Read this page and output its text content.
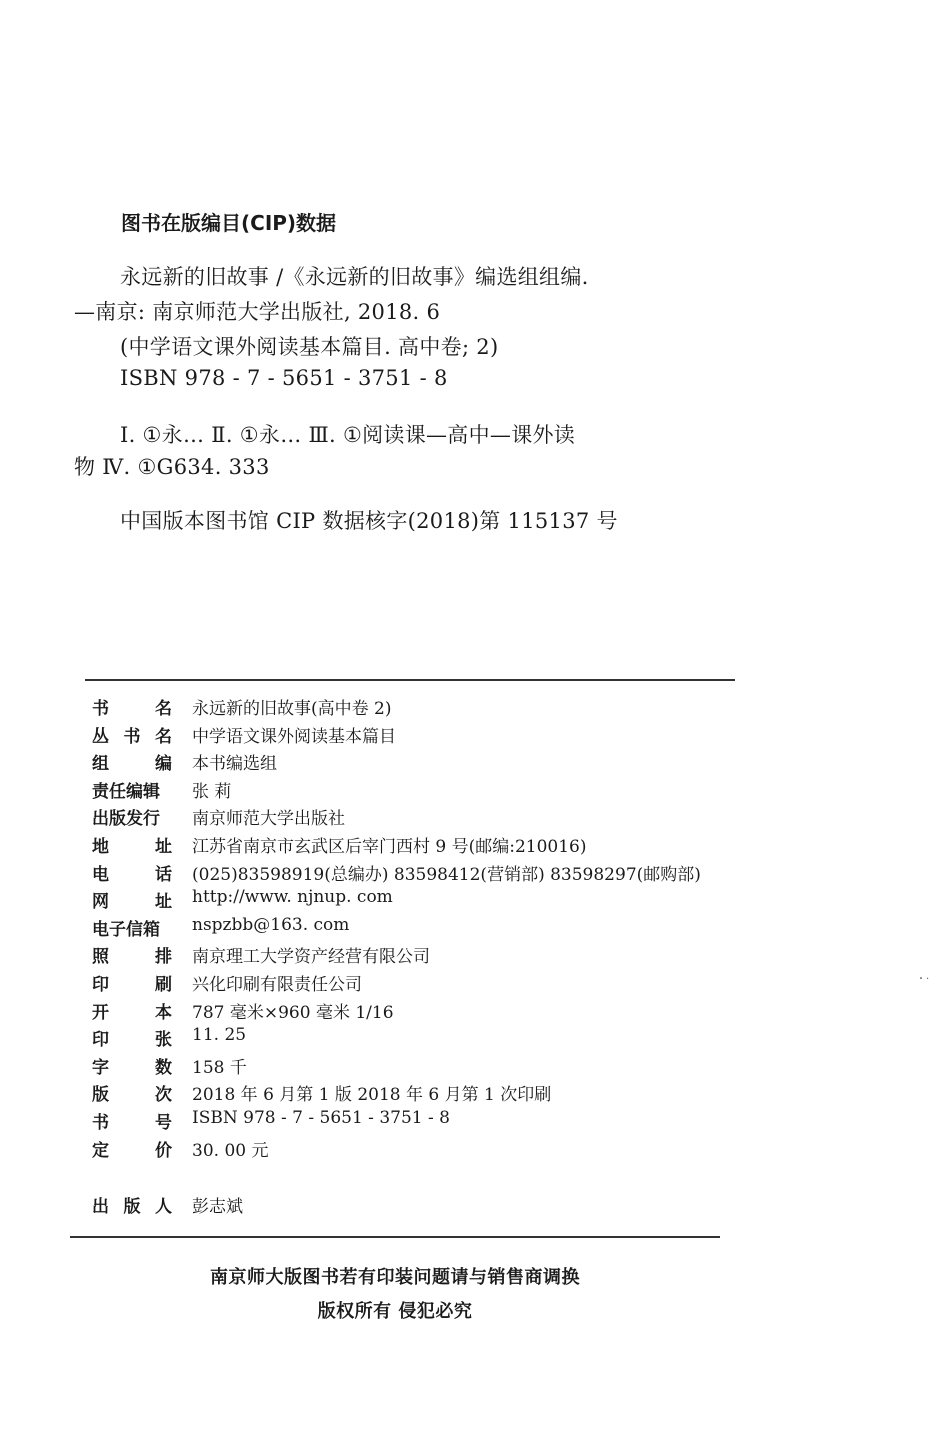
图书在版编目(CIP)数据
永远新的旧故事 /《永远新的旧故事》编选组组编.
—南京: 南京师范大学出版社, 2018. 6
(中学语文课外阅读基本篇目. 高中卷; 2)
ISBN 978 - 7 - 5651 - 3751 - 8
Ⅰ. ①永… Ⅱ. ①永… Ⅲ. ①阅读课—高中—课外读
物 Ⅳ. ①G634. 333
中国版本图书馆 CIP 数据核字(2018)第 115137 号
书	名 永远新的旧故事(高中卷 2)
丛 书 名 中学语文课外阅读基本篇目
组	编 本书编选组
责任编辑 张 莉
出版发行 南京师范大学出版社
地	址 江苏省南京市玄武区后宰门西村 9 号(邮编:210016)
电	话 (025)83598919(总编办) 83598412(营销部) 83598297(邮购部)
网	址 http://www. njnup. com
电子信箱 nspzbb@163. com
照	排 南京理工大学资产经营有限公司
印	刷 兴化印刷有限责任公司
开	本 787 毫米×960 毫米 1/16
印	张 11. 25
字	数 158 千
版	次 2018 年 6 月第 1 版 2018 年 6 月第 1 次印刷
书	号 ISBN 978 - 7 - 5651 - 3751 - 8
定	价 30. 00 元
出 版 人 彭志斌
南京师大版图书若有印装问题请与销售商调换
版权所有 侵犯必究
・·
